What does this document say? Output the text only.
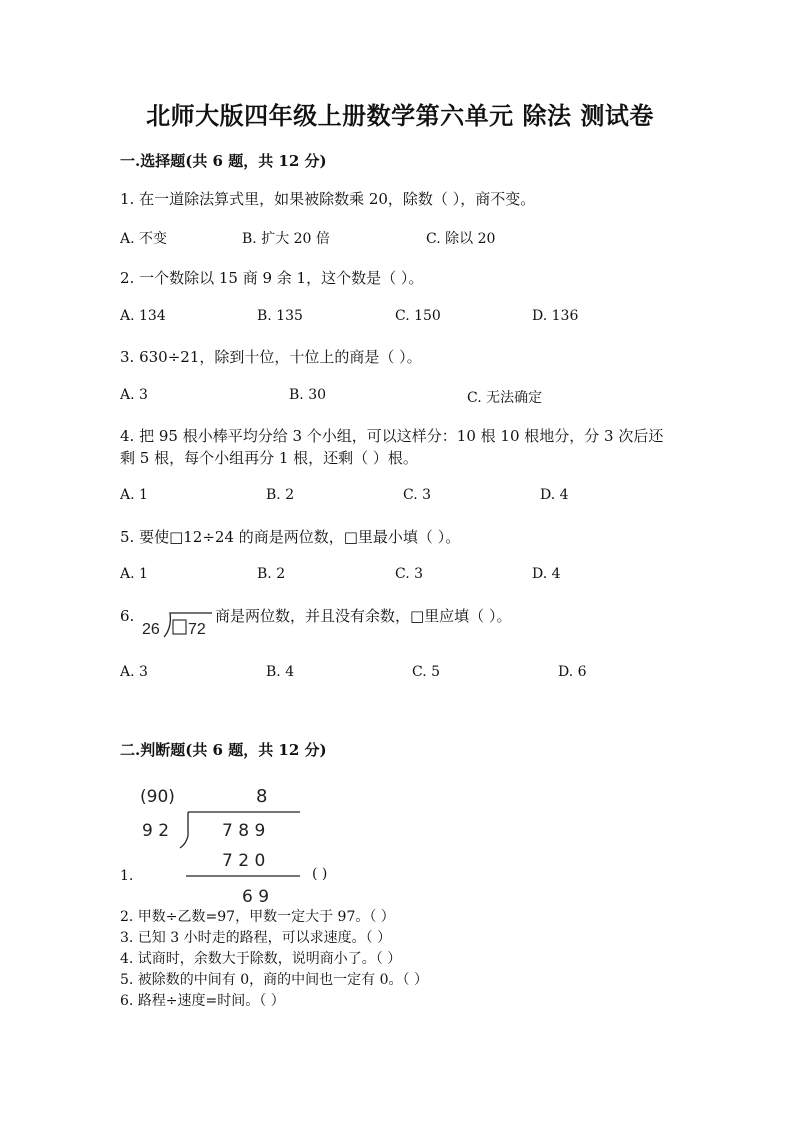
北师大版四年级上册数学第六单元 除法 测试卷
一.选择题(共 6 题，共 12 分)
1. 在一道除法算式里，如果被除数乘 20，除数（ ），商不变。
A. 不变	B. 扩大 20 倍	C. 除以 20
2. 一个数除以 15 商 9 余 1，这个数是（ ）。
A. 134	B. 135	C. 150	D. 136
3. 630÷21，除到十位，十位上的商是（ ）。
A. 3	B. 30	C. 无法确定
4. 把 95 根小棒平均分给 3 个小组，可以这样分：10 根 10 根地分，分 3 次后还
剩 5 根，每个小组再分 1 根，还剩（ ）根。
A. 1	B. 2	C. 3	D. 4
5. 要使□12÷24 的商是两位数，□里最小填（ ）。
A. 1	B. 2	C. 3	D. 4
6.
26 72
商是两位数，并且没有余数，□里应填（ ）。
A. 3	B. 4	C. 5	D. 6
二.判断题(共 6 题，共 12 分)
(90)	8
9 2	7 8 9
7 2 0
6 9
1.	( )
2. 甲数÷乙数=97，甲数一定大于 97。（ ）
3. 已知 3 小时走的路程，可以求速度。（ ）
4. 试商时，余数大于除数，说明商小了。（ ）
5. 被除数的中间有 0，商的中间也一定有 0。（ ）
6. 路程÷速度=时间。（ ）
